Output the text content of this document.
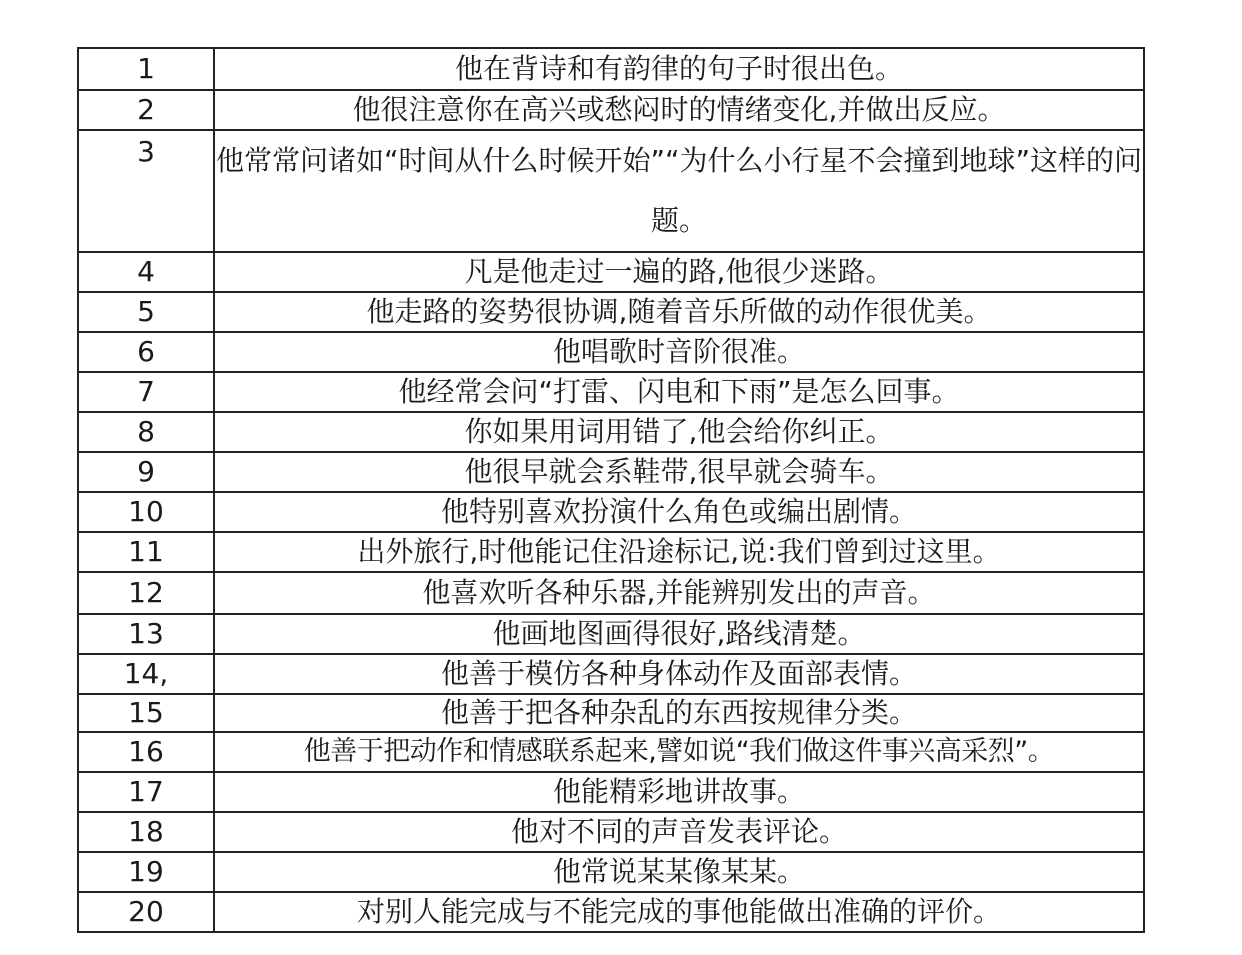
1	他在背诗和有韵律的句子时很出色。
2	他很注意你在高兴或愁闷时的情绪变化,并做出反应。
3	他常常问诸如“时间从什么时候开始”“为什么小行星不会撞到地球”这样的问题。
4	凡是他走过一遍的路,他很少迷路。
5	他走路的姿势很协调,随着音乐所做的动作很优美。
6	他唱歌时音阶很准。
7	他经常会问“打雷、闪电和下雨”是怎么回事。
8	你如果用词用错了,他会给你纠正。
9	他很早就会系鞋带,很早就会骑车。
10	他特别喜欢扮演什么角色或编出剧情。
11	出外旅行,时他能记住沿途标记,说:我们曾到过这里。
12	他喜欢听各种乐器,并能辨别发出的声音。
13	他画地图画得很好,路线清楚。
14,	他善于模仿各种身体动作及面部表情。
15	他善于把各种杂乱的东西按规律分类。
16	他善于把动作和情感联系起来,譬如说“我们做这件事兴高采烈”。
17	他能精彩地讲故事。
18	他对不同的声音发表评论。
19	他常说某某像某某。
20	对别人能完成与不能完成的事他能做出准确的评价。
